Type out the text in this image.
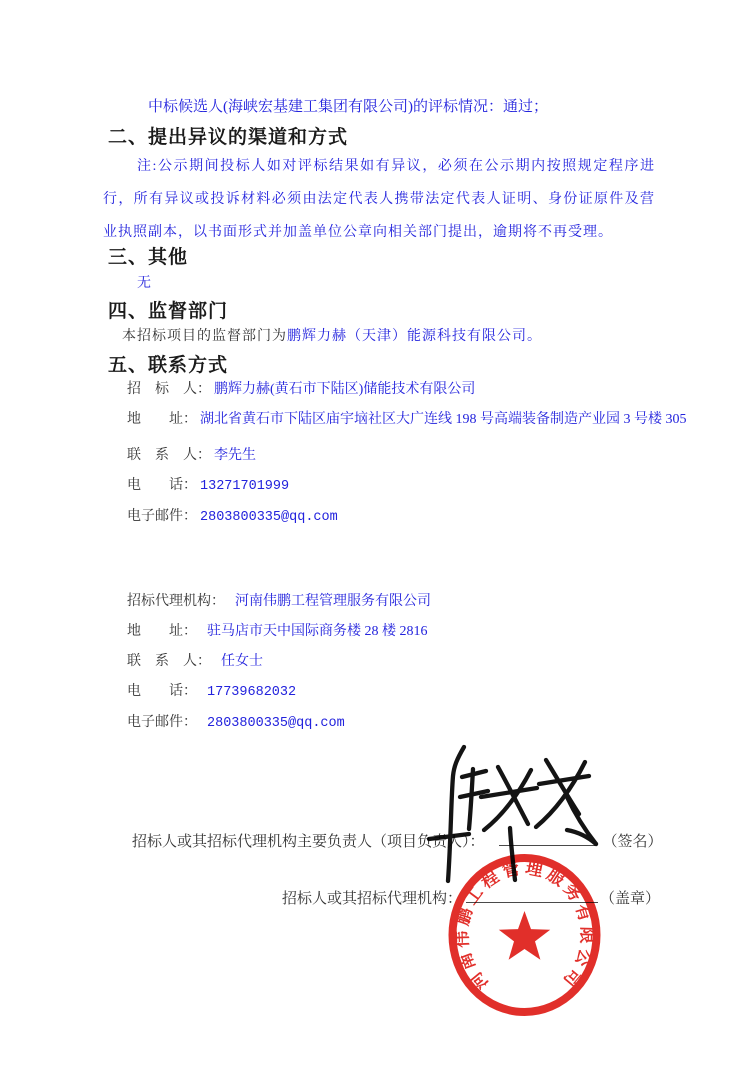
中标候选人(海峡宏基建工集团有限公司)的评标情况：通过；

二、提出异议的渠道和方式

注:公示期间投标人如对评标结果如有异议，必须在公示期内按照规定程序进行，所有异议或投诉材料必须由法定代表人携带法定代表人证明、身份证原件及营业执照副本，以书面形式并加盖单位公章向相关部门提出，逾期将不再受理。

三、其他

无

四、监督部门

本招标项目的监督部门为鹏辉力赫（天津）能源科技有限公司。

五、联系方式

招　标　人： 鹏辉力赫(黄石市下陆区)储能技术有限公司

地　　址： 湖北省黄石市下陆区庙宇垴社区大广连线 198 号高端装备制造产业园 3 号楼 305

联　系　人： 李先生

电　　话： 13271701999

电子邮件： 2803800335@qq.com

招标代理机构： 河南伟鹏工程管理服务有限公司

地　　址： 驻马店市天中国际商务楼 28 楼 2816

联　系　人： 任女士

电　　话： 17739682032

电子邮件： 2803800335@qq.com

招标人或其招标代理机构主要负责人（项目负责人）：	（签名）

招标人或其招标代理机构：	（盖章）

河南伟鹏工程管理服务有限公司
